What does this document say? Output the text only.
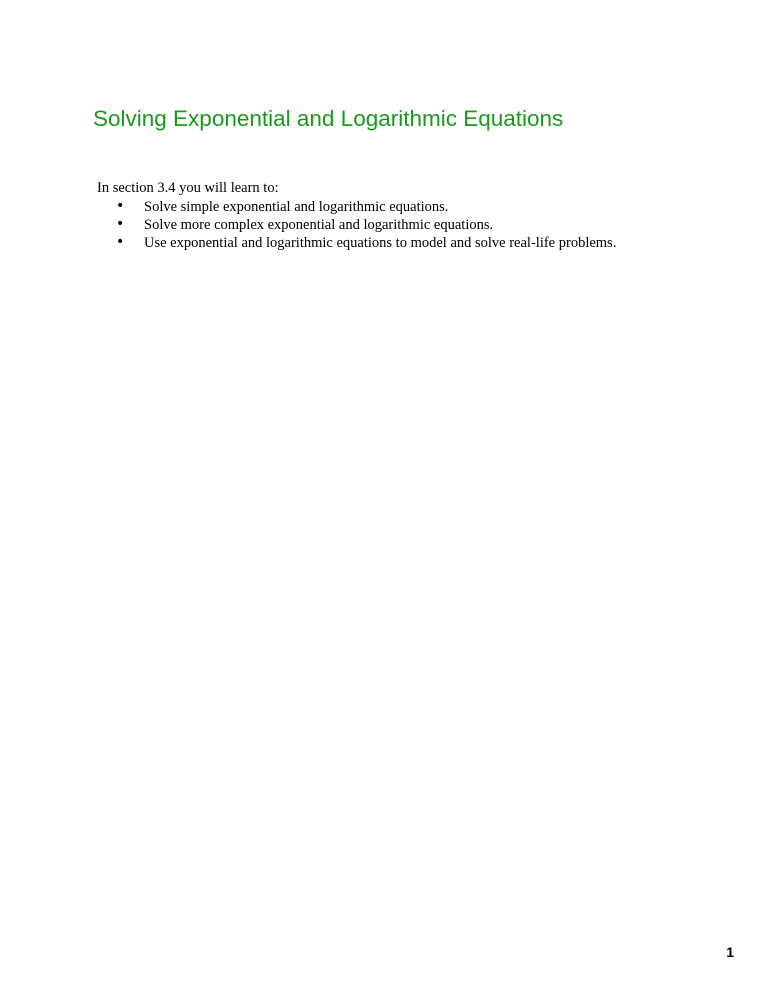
Solving Exponential and Logarithmic Equations
In section 3.4 you will learn to:
• Solve simple exponential and logarithmic equations.
• Solve more complex exponential and logarithmic equations.
• Use exponential and logarithmic equations to model and solve real-life problems.
1
